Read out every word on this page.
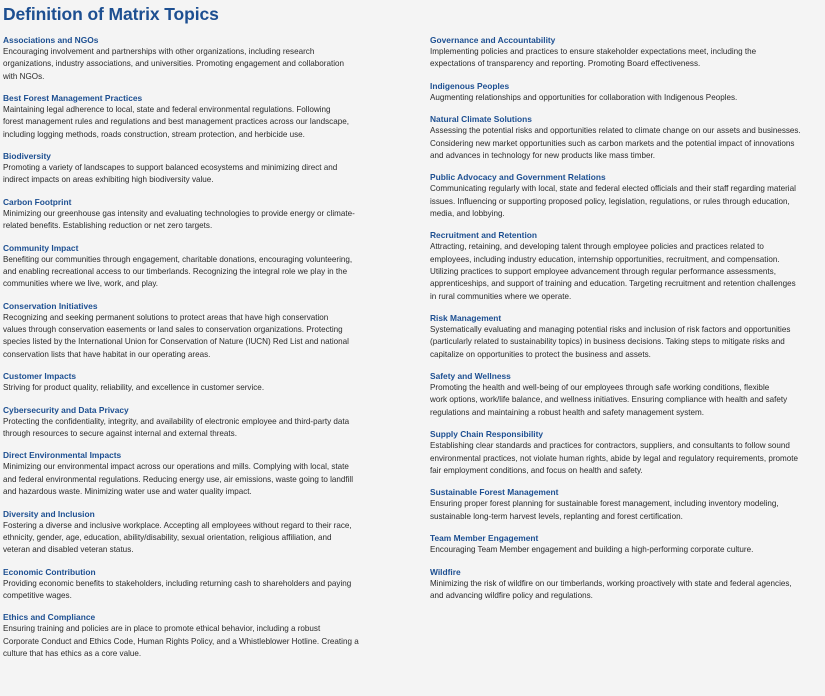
Definition of Matrix Topics
Associations and NGOs
Encouraging involvement and partnerships with other organizations, including research
organizations, industry associations, and universities. Promoting engagement and collaboration
with NGOs.
Best Forest Management Practices
Maintaining legal adherence to local, state and federal environmental regulations. Following
forest management rules and regulations and best management practices across our landscape,
including logging methods, roads construction, stream protection, and herbicide use.
Biodiversity
Promoting a variety of landscapes to support balanced ecosystems and minimizing direct and
indirect impacts on areas exhibiting high biodiversity value.
Carbon Footprint
Minimizing our greenhouse gas intensity and evaluating technologies to provide energy or climate-
related benefits. Establishing reduction or net zero targets.
Community Impact
Benefiting our communities through engagement, charitable donations, encouraging volunteering,
and enabling recreational access to our timberlands. Recognizing the integral role we play in the
communities where we live, work, and play.
Conservation Initiatives
Recognizing and seeking permanent solutions to protect areas that have high conservation
values through conservation easements or land sales to conservation organizations. Protecting
species listed by the International Union for Conservation of Nature (IUCN) Red List and national
conservation lists that have habitat in our operating areas.
Customer Impacts
Striving for product quality, reliability, and excellence in customer service.
Cybersecurity and Data Privacy
Protecting the confidentiality, integrity, and availability of electronic employee and third-party data
through resources to secure against internal and external threats.
Direct Environmental Impacts
Minimizing our environmental impact across our operations and mills. Complying with local, state
and federal environmental regulations. Reducing energy use, air emissions, waste going to landfill
and hazardous waste. Minimizing water use and water quality impact.
Diversity and Inclusion
Fostering a diverse and inclusive workplace. Accepting all employees without regard to their race,
ethnicity, gender, age, education, ability/disability, sexual orientation, religious affiliation, and
veteran and disabled veteran status.
Economic Contribution
Providing economic benefits to stakeholders, including returning cash to shareholders and paying
competitive wages.
Ethics and Compliance
Ensuring training and policies are in place to promote ethical behavior, including a robust
Corporate Conduct and Ethics Code, Human Rights Policy, and a Whistleblower Hotline. Creating a
culture that has ethics as a core value.
Governance and Accountability
Implementing policies and practices to ensure stakeholder expectations meet, including the
expectations of transparency and reporting. Promoting Board effectiveness.
Indigenous Peoples
Augmenting relationships and opportunities for collaboration with Indigenous Peoples.
Natural Climate Solutions
Assessing the potential risks and opportunities related to climate change on our assets and businesses.
Considering new market opportunities such as carbon markets and the potential impact of innovations
and advances in technology for new products like mass timber.
Public Advocacy and Government Relations
Communicating regularly with local, state and federal elected officials and their staff regarding material
issues. Influencing or supporting proposed policy, legislation, regulations, or rules through education,
media, and lobbying.
Recruitment and Retention
Attracting, retaining, and developing talent through employee policies and practices related to
employees, including industry education, internship opportunities, recruitment, and compensation.
Utilizing practices to support employee advancement through regular performance assessments,
apprenticeships, and support of training and education. Targeting recruitment and retention challenges
in rural communities where we operate.
Risk Management
Systematically evaluating and managing potential risks and inclusion of risk factors and opportunities
(particularly related to sustainability topics) in business decisions. Taking steps to mitigate risks and
capitalize on opportunities to protect the business and assets.
Safety and Wellness
Promoting the health and well-being of our employees through safe working conditions, flexible
work options, work/life balance, and wellness initiatives. Ensuring compliance with health and safety
regulations and maintaining a robust health and safety management system.
Supply Chain Responsibility
Establishing clear standards and practices for contractors, suppliers, and consultants to follow sound
environmental practices, not violate human rights, abide by legal and regulatory requirements, promote
fair employment conditions, and focus on health and safety.
Sustainable Forest Management
Ensuring proper forest planning for sustainable forest management, including inventory modeling,
sustainable long-term harvest levels, replanting and forest certification.
Team Member Engagement
Encouraging Team Member engagement and building a high-performing corporate culture.
Wildfire
Minimizing the risk of wildfire on our timberlands, working proactively with state and federal agencies,
and advancing wildfire policy and regulations.
